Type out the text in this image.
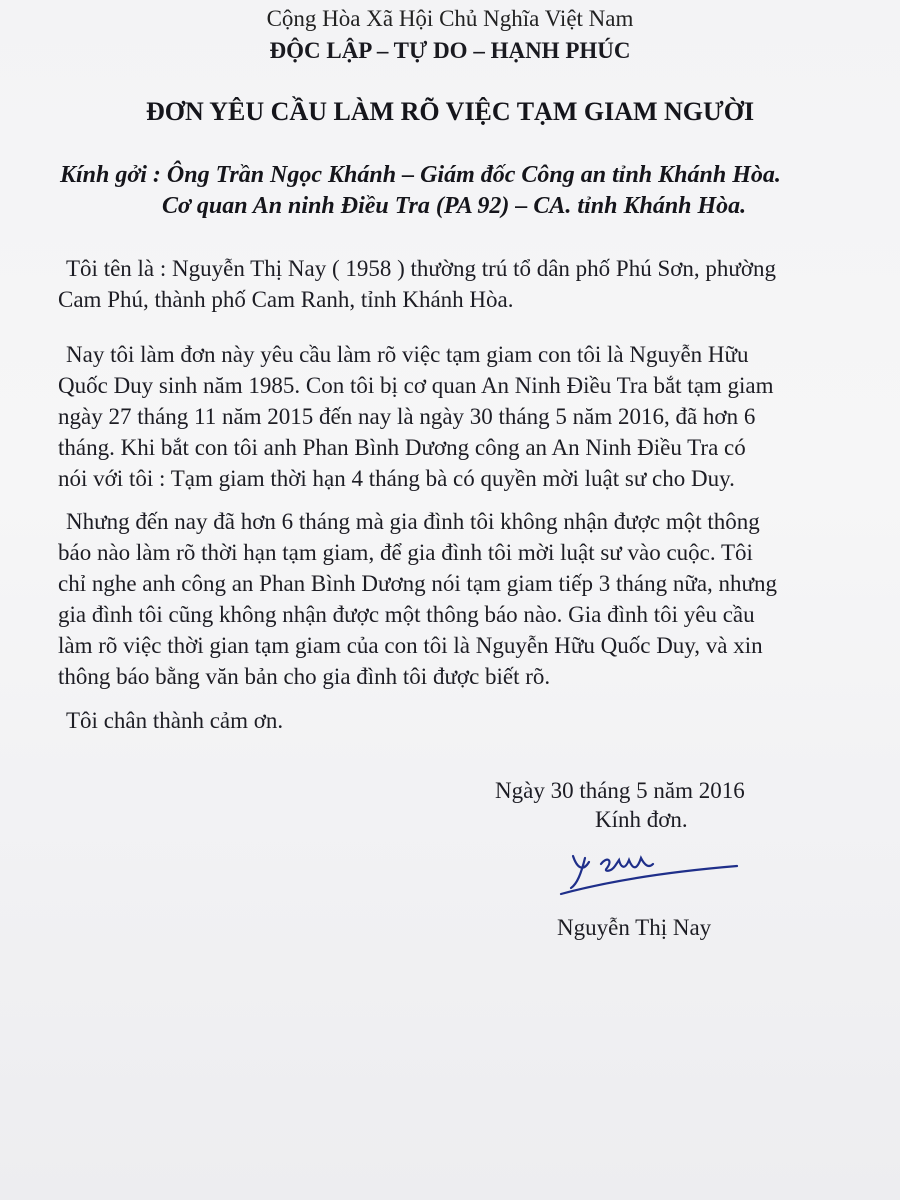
Cộng Hòa Xã Hội Chủ Nghĩa Việt Nam
ĐỘC LẬP – TỰ DO – HẠNH PHÚC
ĐƠN YÊU CẦU LÀM RÕ VIỆC TẠM GIAM NGƯỜI
Kính gởi : Ông Trần Ngọc Khánh – Giám đốc Công an tỉnh Khánh Hòa.
Cơ quan An ninh Điều Tra (PA 92) – CA. tỉnh Khánh Hòa.
Tôi tên là : Nguyễn Thị Nay ( 1958 ) thường trú tổ dân phố Phú Sơn, phường
Cam Phú, thành phố Cam Ranh, tỉnh Khánh Hòa.
Nay tôi làm đơn này yêu cầu làm rõ việc tạm giam con tôi là Nguyễn Hữu
Quốc Duy sinh năm 1985. Con tôi bị cơ quan An Ninh Điều Tra bắt tạm giam
ngày 27 tháng 11 năm 2015 đến nay là ngày 30 tháng 5 năm 2016, đã hơn 6
tháng. Khi bắt con tôi anh Phan Bình Dương công an An Ninh Điều Tra có
nói với tôi : Tạm giam thời hạn 4 tháng bà có quyền mời luật sư cho Duy.
Nhưng đến nay đã hơn 6 tháng mà gia đình tôi không nhận được một thông
báo nào làm rõ thời hạn tạm giam, để gia đình tôi mời luật sư vào cuộc. Tôi
chỉ nghe anh công an Phan Bình Dương nói tạm giam tiếp 3 tháng nữa, nhưng
gia đình tôi cũng không nhận được một thông báo nào. Gia đình tôi yêu cầu
làm rõ việc thời gian tạm giam của con tôi là Nguyễn Hữu Quốc Duy, và xin
thông báo bằng văn bản cho gia đình tôi được biết rõ.
Tôi chân thành cảm ơn.
Ngày 30 tháng 5 năm 2016
Kính đơn.
Nguyễn Thị Nay
